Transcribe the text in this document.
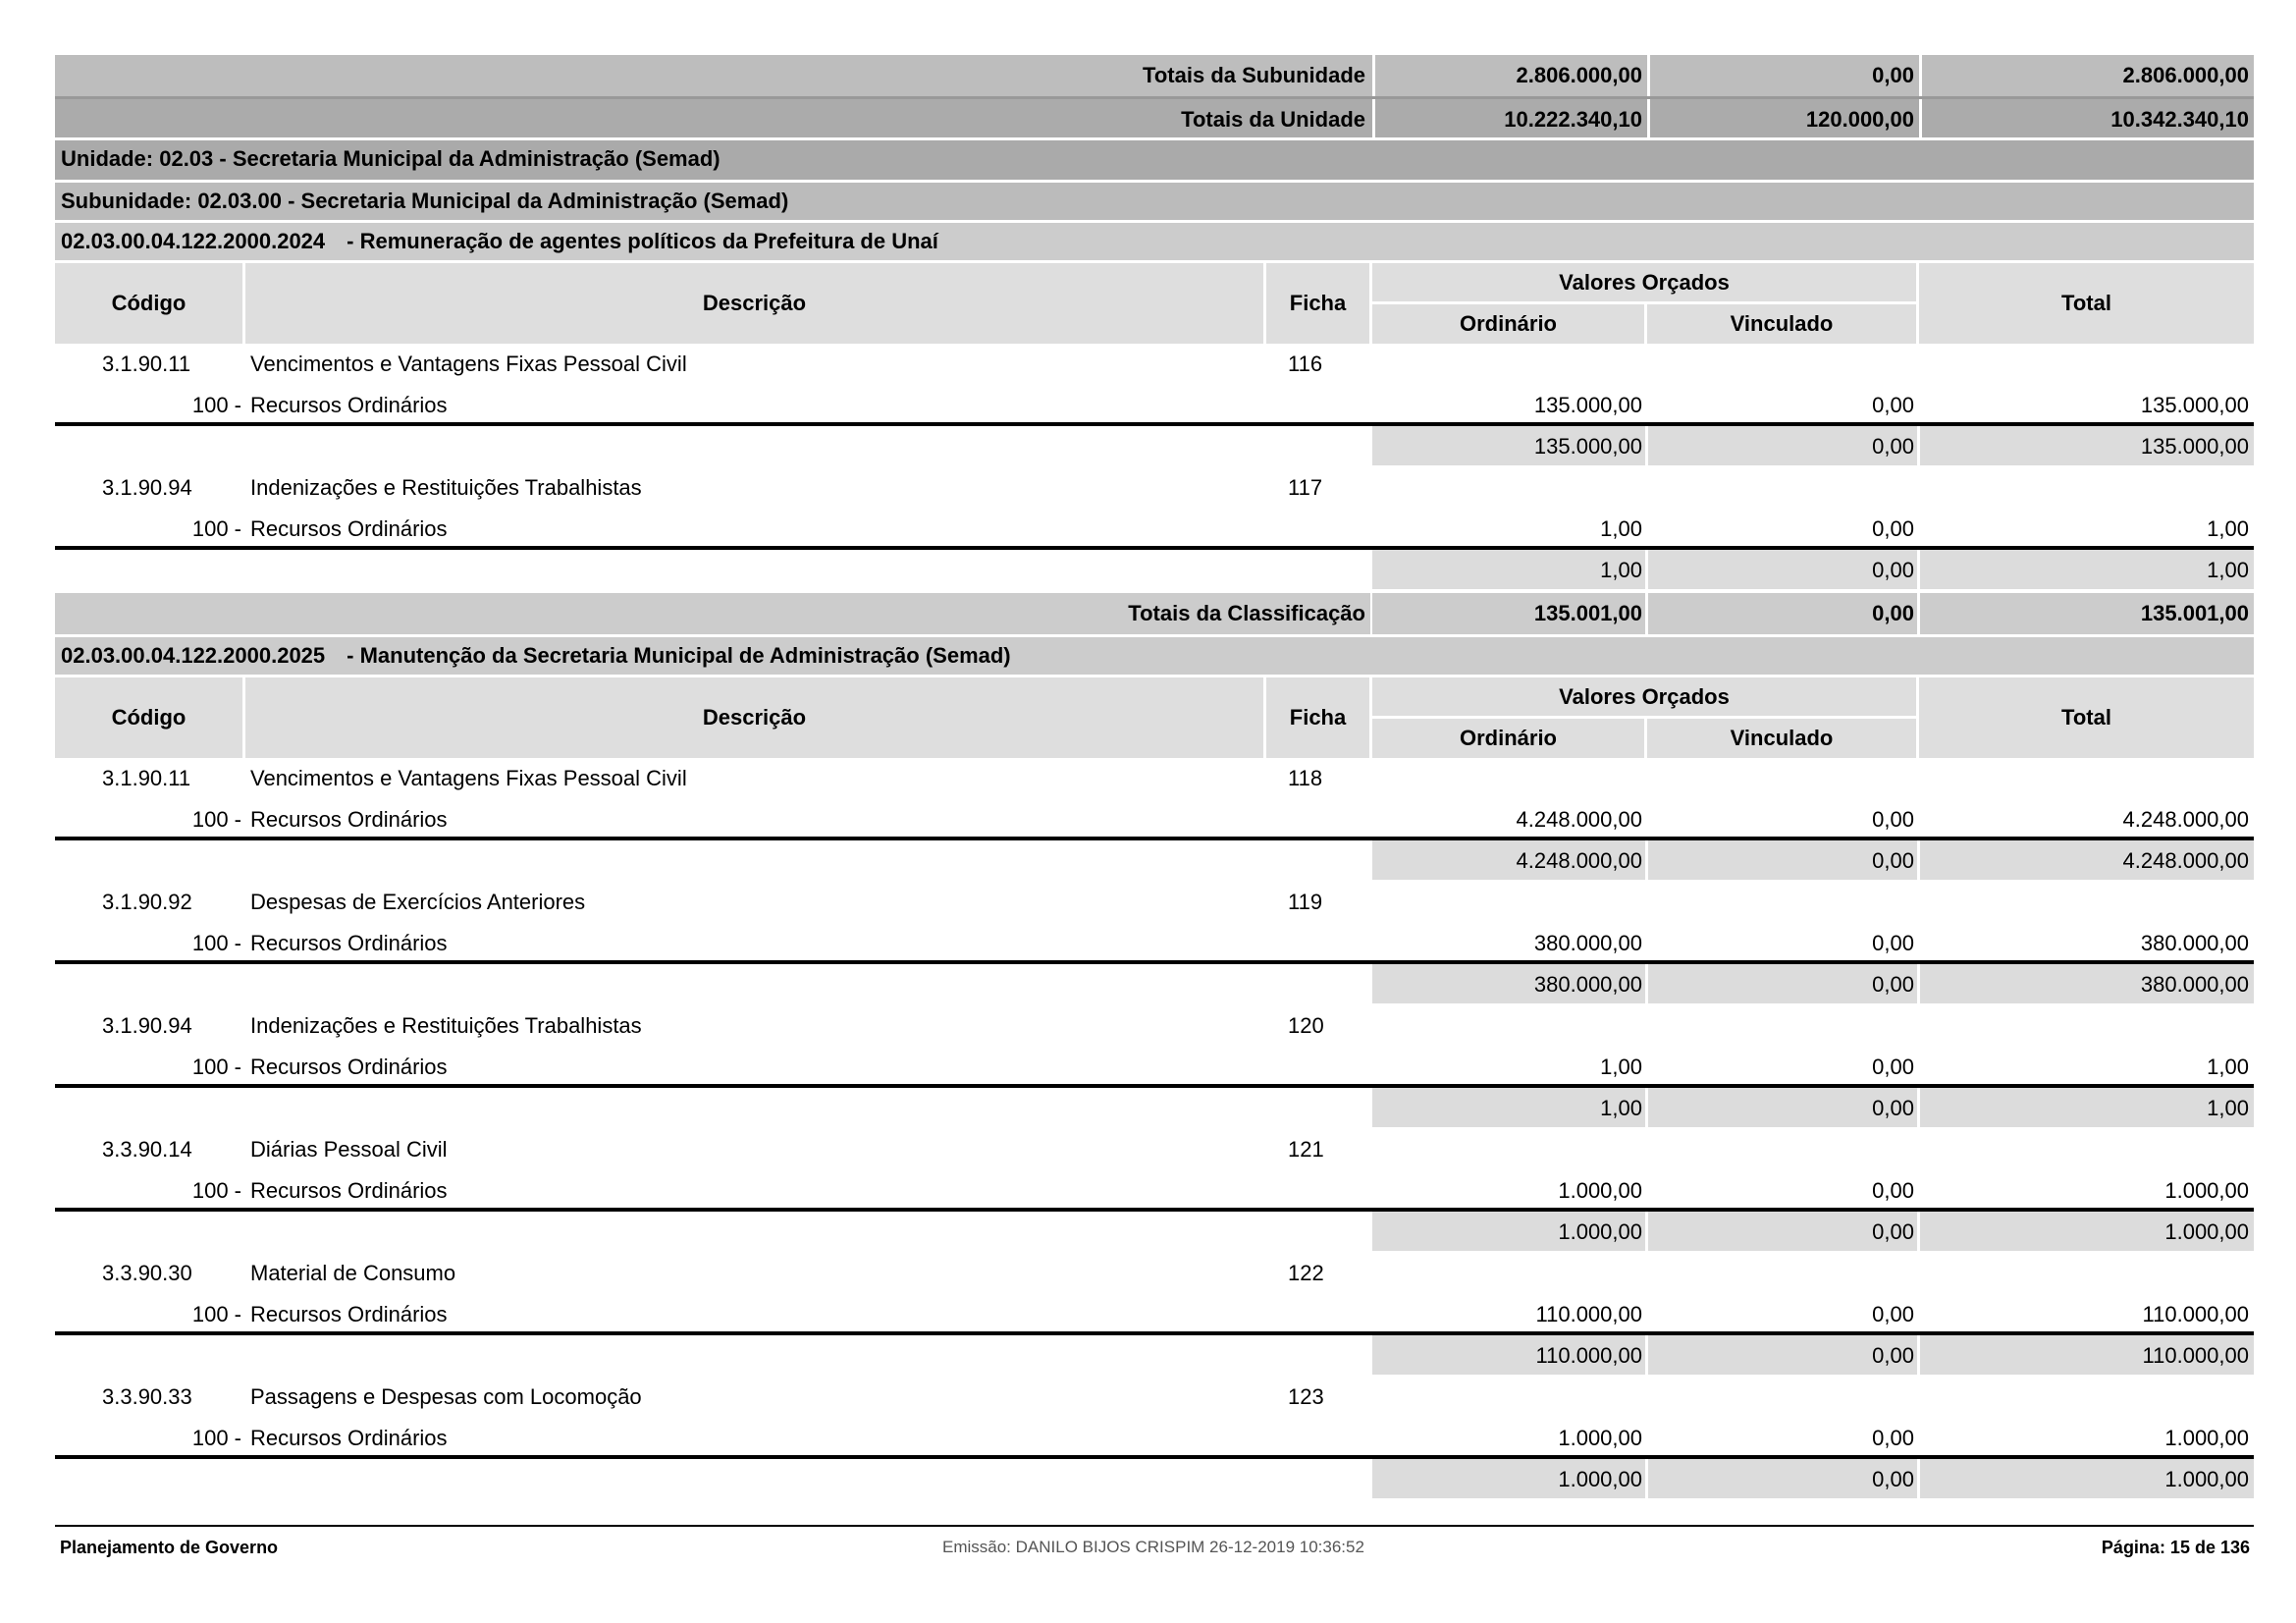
Totais da Subunidade	2.806.000,00	0,00	2.806.000,00
Totais da Unidade	10.222.340,10	120.000,00	10.342.340,10
Unidade: 02.03 - Secretaria Municipal da Administração (Semad)
Subunidade: 02.03.00 - Secretaria Municipal da Administração (Semad)
02.03.00.04.122.2000.2024 - Remuneração de agentes políticos da Prefeitura de Unaí
Código	Descrição	Ficha
Valores Orçados
Ordinário	Vinculado
Total
3.1.90.11	Vencimentos e Vantagens Fixas Pessoal Civil	116
100 - Recursos Ordinários	135.000,00	0,00	135.000,00
135.000,00	0,00	135.000,00
3.1.90.94	Indenizações e Restituições Trabalhistas	117
100 - Recursos Ordinários	1,00	0,00	1,00
1,00	0,00	1,00
Totais da Classificação	135.001,00	0,00	135.001,00
02.03.00.04.122.2000.2025 - Manutenção da Secretaria Municipal de Administração (Semad)
Código	Descrição	Ficha
Valores Orçados
Ordinário	Vinculado
Total
3.1.90.11	Vencimentos e Vantagens Fixas Pessoal Civil	118
100 - Recursos Ordinários	4.248.000,00	0,00	4.248.000,00
4.248.000,00	0,00	4.248.000,00
3.1.90.92	Despesas de Exercícios Anteriores	119
100 - Recursos Ordinários	380.000,00	0,00	380.000,00
380.000,00	0,00	380.000,00
3.1.90.94	Indenizações e Restituições Trabalhistas	120
100 - Recursos Ordinários	1,00	0,00	1,00
1,00	0,00	1,00
3.3.90.14	Diárias Pessoal Civil	121
100 - Recursos Ordinários	1.000,00	0,00	1.000,00
1.000,00	0,00	1.000,00
3.3.90.30	Material de Consumo	122
100 - Recursos Ordinários	110.000,00	0,00	110.000,00
110.000,00	0,00	110.000,00
3.3.90.33	Passagens e Despesas com Locomoção	123
100 - Recursos Ordinários	1.000,00	0,00	1.000,00
1.000,00	0,00	1.000,00
Planejamento de Governo	Emissão: DANILO BIJOS CRISPIM 26-12-2019 10:36:52	Página: 15 de 136
